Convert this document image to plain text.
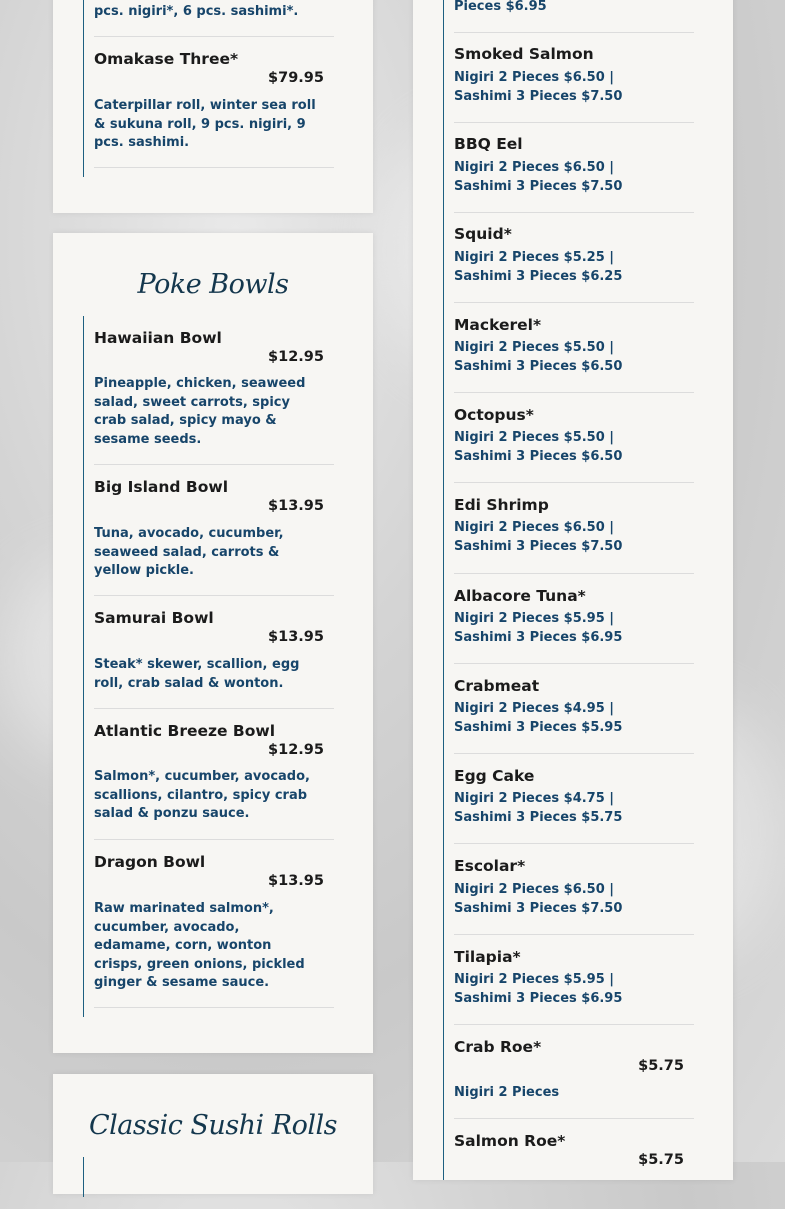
pcs. nigiri*, 6 pcs. sashimi*.
Omakase Three*
$79.95
Caterpillar roll, winter sea roll & sukuna roll, 9 pcs. nigiri, 9 pcs. sashimi.
Poke Bowls
Hawaiian Bowl
$12.95
Pineapple, chicken, seaweed salad, sweet carrots, spicy crab salad, spicy mayo & sesame seeds.
Big Island Bowl
$13.95
Tuna, avocado, cucumber, seaweed salad, carrots & yellow pickle.
Samurai Bowl
$13.95
Steak* skewer, scallion, egg roll, crab salad & wonton.
Atlantic Breeze Bowl
$12.95
Salmon*, cucumber, avocado, scallions, cilantro, spicy crab salad & ponzu sauce.
Dragon Bowl
$13.95
Raw marinated salmon*, cucumber, avocado, edamame, corn, wonton crisps, green onions, pickled ginger & sesame sauce.
Classic Sushi Rolls
Pieces $6.95
Smoked Salmon
Nigiri 2 Pieces $6.50 | Sashimi 3 Pieces $7.50
BBQ Eel
Nigiri 2 Pieces $6.50 | Sashimi 3 Pieces $7.50
Squid*
Nigiri 2 Pieces $5.25 | Sashimi 3 Pieces $6.25
Mackerel*
Nigiri 2 Pieces $5.50 | Sashimi 3 Pieces $6.50
Octopus*
Nigiri 2 Pieces $5.50 | Sashimi 3 Pieces $6.50
Edi Shrimp
Nigiri 2 Pieces $6.50 | Sashimi 3 Pieces $7.50
Albacore Tuna*
Nigiri 2 Pieces $5.95 | Sashimi 3 Pieces $6.95
Crabmeat
Nigiri 2 Pieces $4.95 | Sashimi 3 Pieces $5.95
Egg Cake
Nigiri 2 Pieces $4.75 | Sashimi 3 Pieces $5.75
Escolar*
Nigiri 2 Pieces $6.50 | Sashimi 3 Pieces $7.50
Tilapia*
Nigiri 2 Pieces $5.95 | Sashimi 3 Pieces $6.95
Crab Roe*
$5.75
Nigiri 2 Pieces
Salmon Roe*
$5.75
